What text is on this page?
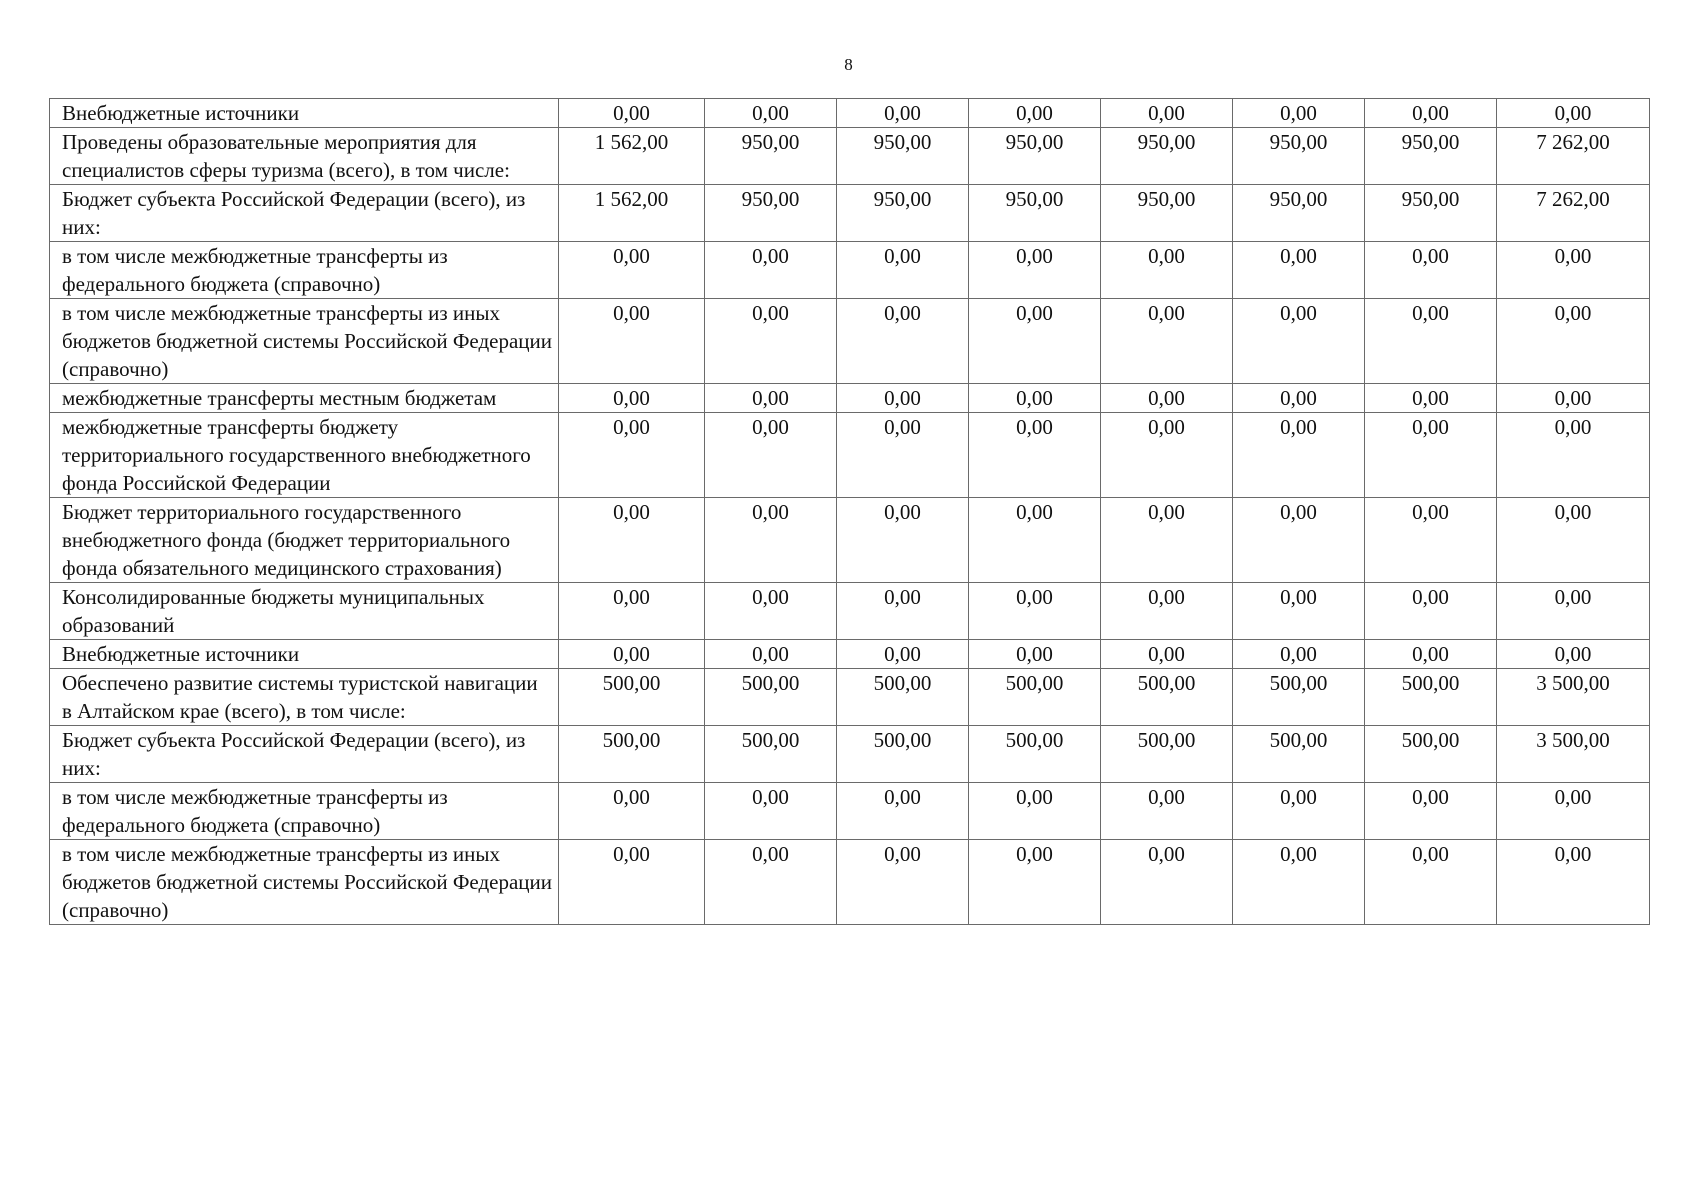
8
Внебюджетные источники	0,00	0,00	0,00	0,00	0,00	0,00	0,00	0,00
Проведены образовательные мероприятия для специалистов сферы туризма (всего), в том числе:	1 562,00	950,00	950,00	950,00	950,00	950,00	950,00	7 262,00
Бюджет субъекта Российской Федерации (всего), из них:	1 562,00	950,00	950,00	950,00	950,00	950,00	950,00	7 262,00
в том числе межбюджетные трансферты из федерального бюджета (справочно)	0,00	0,00	0,00	0,00	0,00	0,00	0,00	0,00
в том числе межбюджетные трансферты из иных бюджетов бюджетной системы Российской Федерации (справочно)	0,00	0,00	0,00	0,00	0,00	0,00	0,00	0,00
межбюджетные трансферты местным бюджетам	0,00	0,00	0,00	0,00	0,00	0,00	0,00	0,00
межбюджетные трансферты бюджету территориального государственного внебюджетного фонда Российской Федерации	0,00	0,00	0,00	0,00	0,00	0,00	0,00	0,00
Бюджет территориального государственного внебюджетного фонда (бюджет территориального фонда обязательного медицинского страхования)	0,00	0,00	0,00	0,00	0,00	0,00	0,00	0,00
Консолидированные бюджеты муниципальных образований	0,00	0,00	0,00	0,00	0,00	0,00	0,00	0,00
Внебюджетные источники	0,00	0,00	0,00	0,00	0,00	0,00	0,00	0,00
Обеспечено развитие системы туристской навигации в Алтайском крае (всего), в том числе:	500,00	500,00	500,00	500,00	500,00	500,00	500,00	3 500,00
Бюджет субъекта Российской Федерации (всего), из них:	500,00	500,00	500,00	500,00	500,00	500,00	500,00	3 500,00
в том числе межбюджетные трансферты из федерального бюджета (справочно)	0,00	0,00	0,00	0,00	0,00	0,00	0,00	0,00
в том числе межбюджетные трансферты из иных бюджетов бюджетной системы Российской Федерации (справочно)	0,00	0,00	0,00	0,00	0,00	0,00	0,00	0,00
